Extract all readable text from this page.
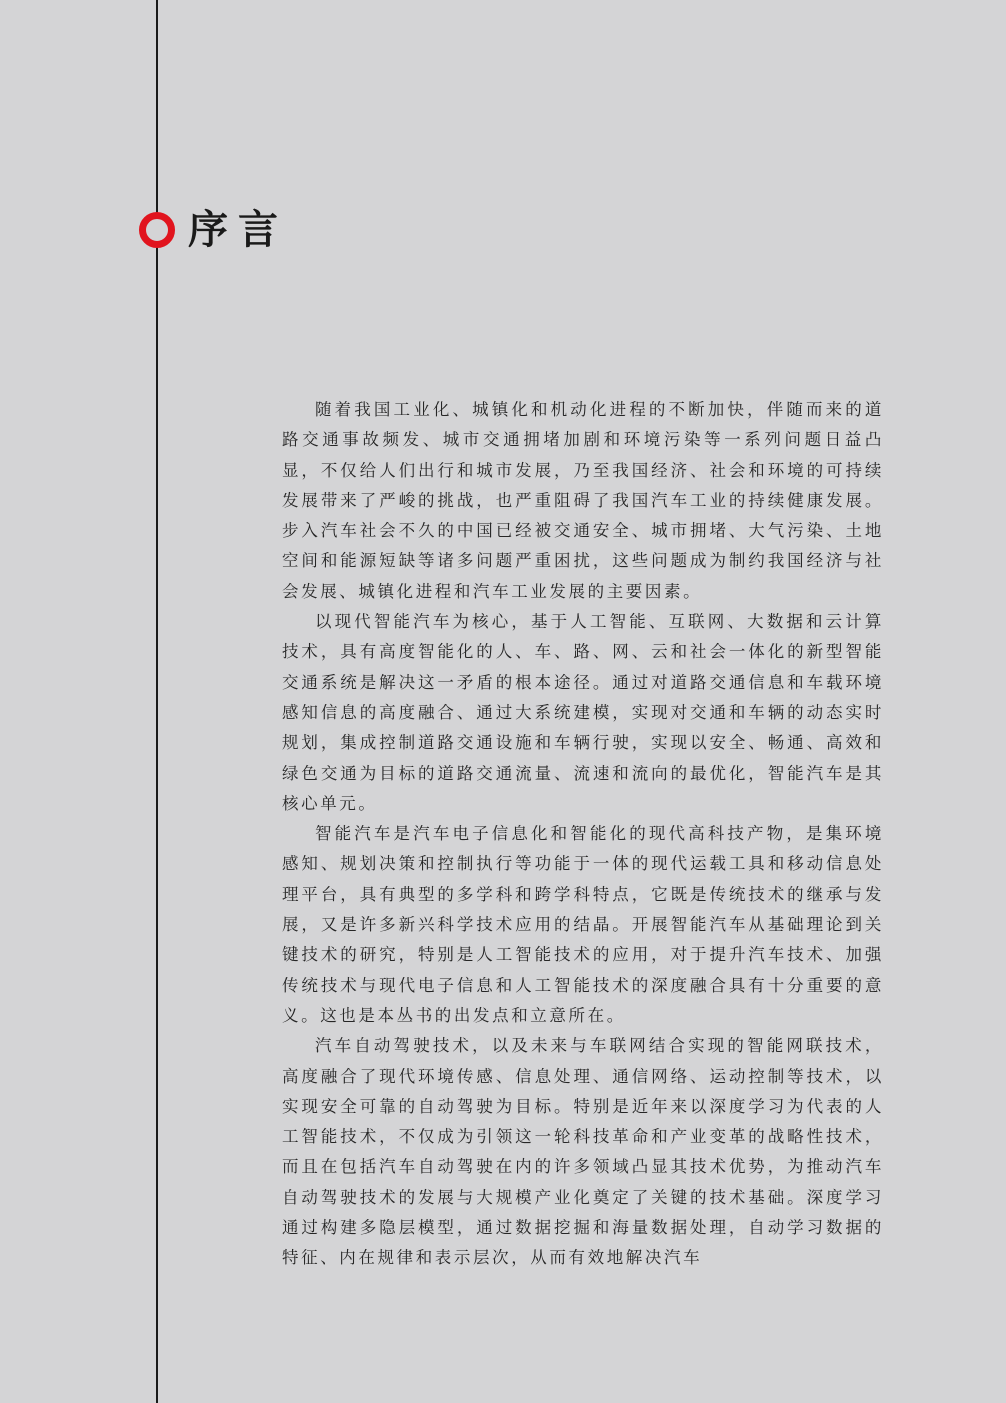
序言

随着我国工业化、城镇化和机动化进程的不断加快，伴随而来的道路交通事故频发、城市交通拥堵加剧和环境污染等一系列问题日益凸显，不仅给人们出行和城市发展，乃至我国经济、社会和环境的可持续发展带来了严峻的挑战，也严重阻碍了我国汽车工业的持续健康发展。步入汽车社会不久的中国已经被交通安全、城市拥堵、大气污染、土地空间和能源短缺等诸多问题严重困扰，这些问题成为制约我国经济与社会发展、城镇化进程和汽车工业发展的主要因素。

以现代智能汽车为核心，基于人工智能、互联网、大数据和云计算技术，具有高度智能化的人、车、路、网、云和社会一体化的新型智能交通系统是解决这一矛盾的根本途径。通过对道路交通信息和车载环境感知信息的高度融合、通过大系统建模，实现对交通和车辆的动态实时规划，集成控制道路交通设施和车辆行驶，实现以安全、畅通、高效和绿色交通为目标的道路交通流量、流速和流向的最优化，智能汽车是其核心单元。

智能汽车是汽车电子信息化和智能化的现代高科技产物，是集环境感知、规划决策和控制执行等功能于一体的现代运载工具和移动信息处理平台，具有典型的多学科和跨学科特点，它既是传统技术的继承与发展，又是许多新兴科学技术应用的结晶。开展智能汽车从基础理论到关键技术的研究，特别是人工智能技术的应用，对于提升汽车技术、加强传统技术与现代电子信息和人工智能技术的深度融合具有十分重要的意义。这也是本丛书的出发点和立意所在。

汽车自动驾驶技术，以及未来与车联网结合实现的智能网联技术，高度融合了现代环境传感、信息处理、通信网络、运动控制等技术，以实现安全可靠的自动驾驶为目标。特别是近年来以深度学习为代表的人工智能技术，不仅成为引领这一轮科技革命和产业变革的战略性技术，而且在包括汽车自动驾驶在内的许多领域凸显其技术优势，为推动汽车自动驾驶技术的发展与大规模产业化奠定了关键的技术基础。深度学习通过构建多隐层模型，通过数据挖掘和海量数据处理，自动学习数据的特征、内在规律和表示层次，从而有效地解决汽车
